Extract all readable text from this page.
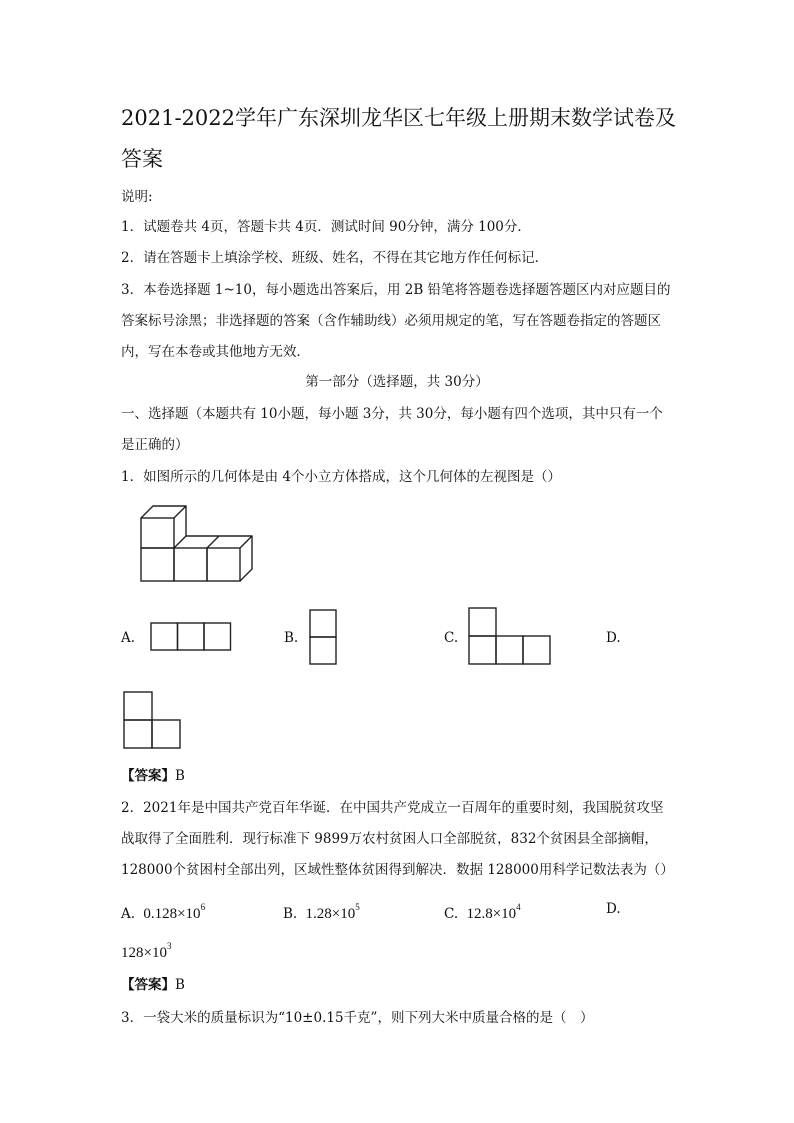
2021-2022学年广东深圳龙华区七年级上册期末数学试卷及
答案
说明:
1．试题卷共 4页，答题卡共 4页．测试时间 90分钟，满分 100分．
2．请在答题卡上填涂学校、班级、姓名，不得在其它地方作任何标记．
3．本卷选择题 1~10，每小题选出答案后，用 2B 铅笔将答题卷选择题答题区内对应题目的
答案标号涂黑；非选择题的答案（含作辅助线）必须用规定的笔，写在答题卷指定的答题区
内，写在本卷或其他地方无效．
第一部分（选择题，共 30分）
一、选择题（本题共有 10小题，每小题 3分，共 30分，每小题有四个选项，其中只有一个
是正确的）
1．如图所示的几何体是由 4个小立方体搭成，这个几何体的左视图是（）
A.	B.	C.	D.
【答案】B
2．2021年是中国共产党百年华诞．在中国共产党成立一百周年的重要时刻，我国脱贫攻坚
战取得了全面胜利．现行标准下 9899万农村贫困人口全部脱贫，832个贫困县全部摘帽，
128000个贫困村全部出列，区域性整体贫困得到解决．数据 128000用科学记数法表为（）
A. $0.128\times 10^6$	B. $1.28\times 10^5$	C. $12.8\times 10^4$	D.
$128\times 10^3$
【答案】B
3．一袋大米的质量标识为“10±0.15千克”，则下列大米中质量合格的是（　）
